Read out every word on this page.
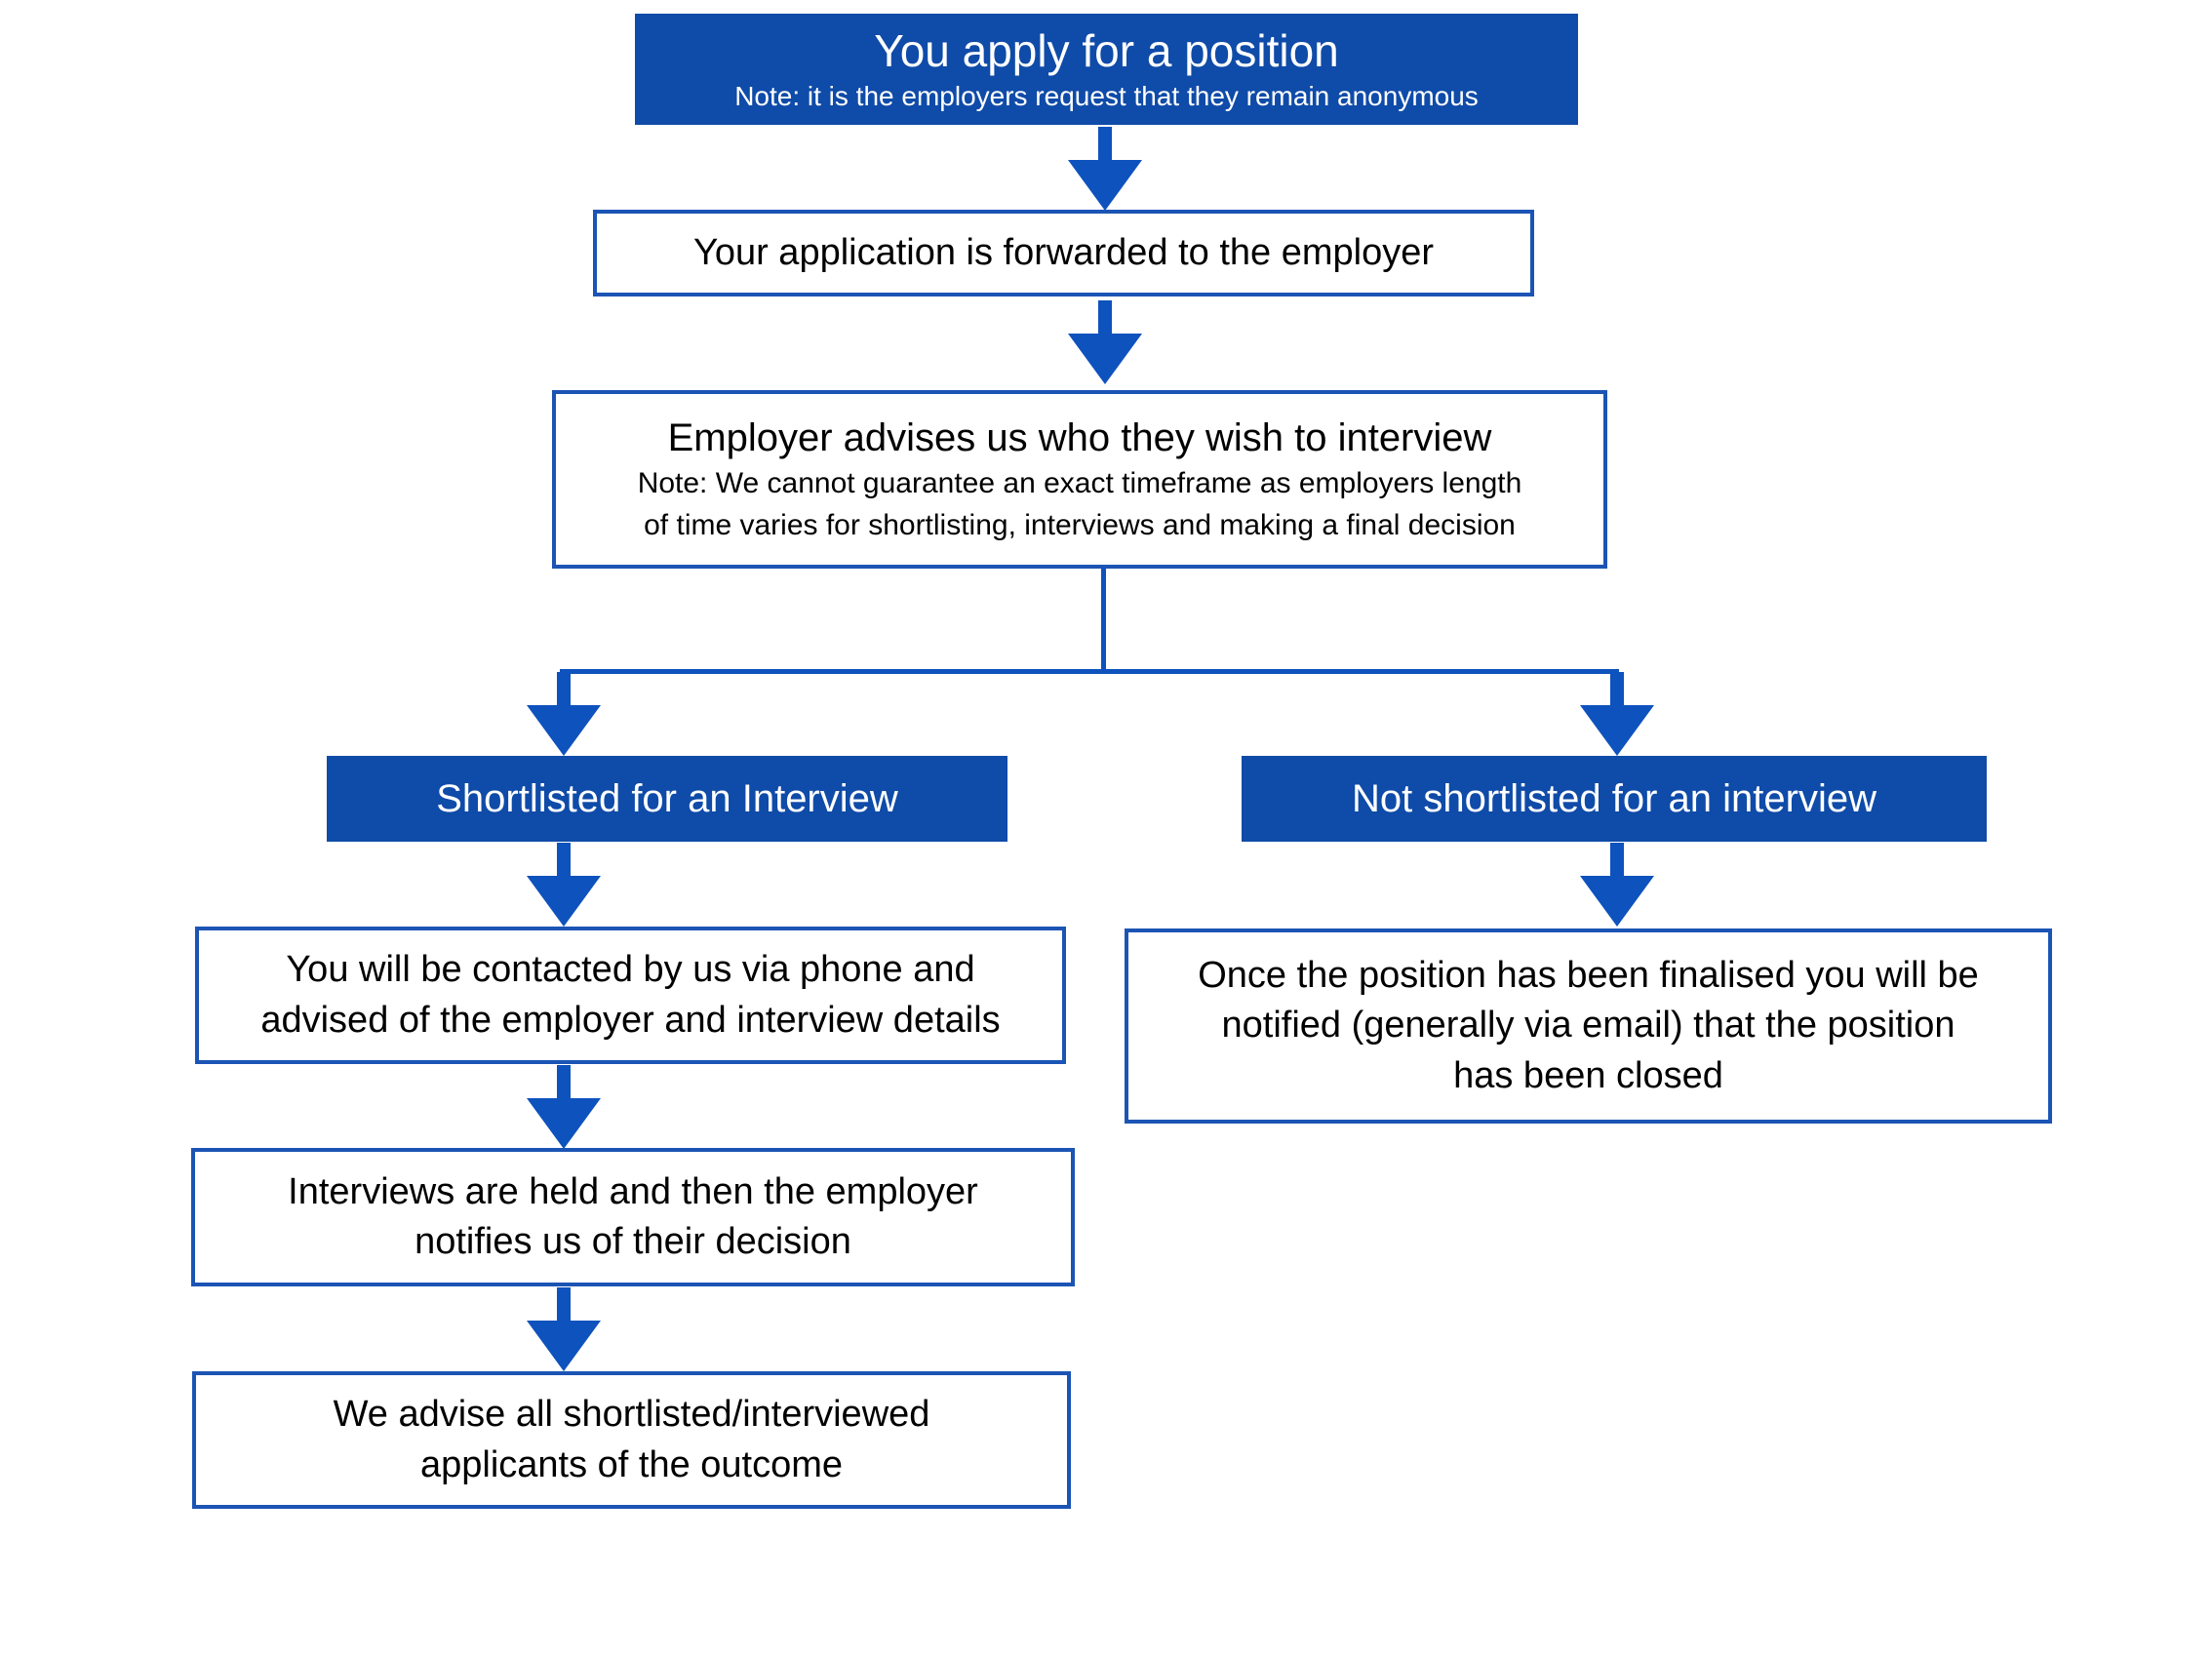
You apply for a position
Note: it is the employers request that they remain anonymous
Your application is forwarded to the employer
Employer advises us who they wish to interview
Note: We cannot guarantee an exact timeframe as employers length
of time varies for shortlisting, interviews and making a final decision
Shortlisted for an Interview	Not shortlisted for an interview
You will be contacted by us via phone and
advised of the employer and interview details
Once the position has been finalised you will be
notified (generally via email) that the position
has been closed
Interviews are held and then the employer
notifies us of their decision
We advise all shortlisted/interviewed
applicants of the outcome
